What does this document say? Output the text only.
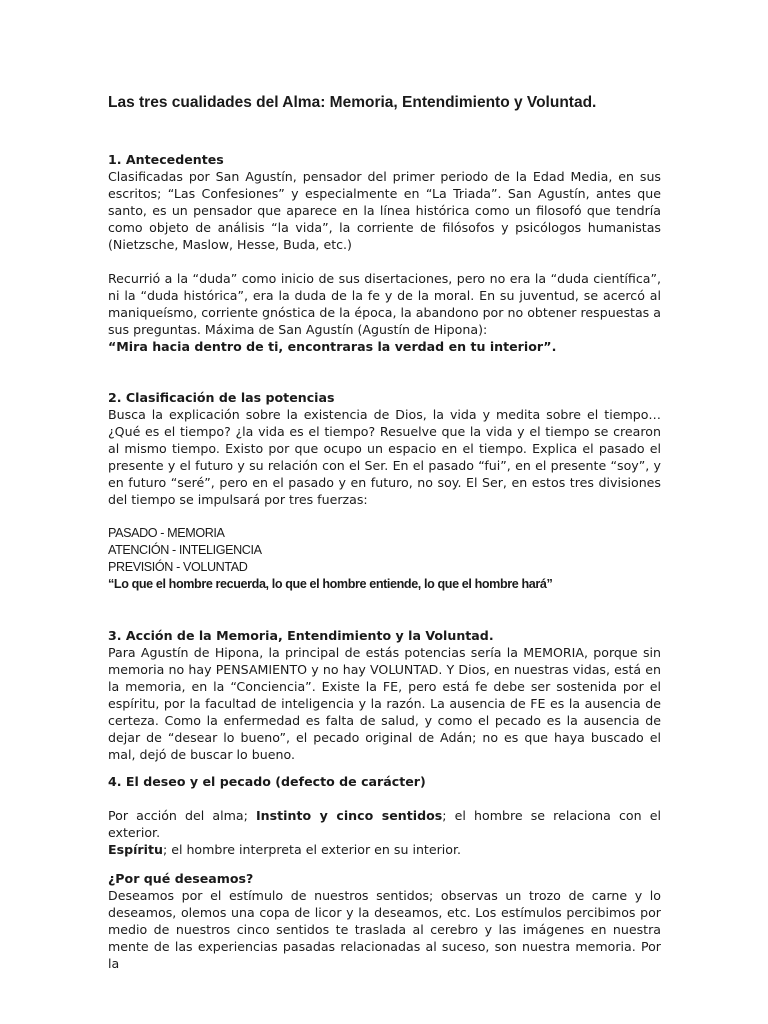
Las tres cualidades del Alma: Memoria, Entendimiento y Voluntad.
1. Antecedentes

Clasificadas por San Agustín, pensador del primer periodo de la Edad Media, en sus escritos; “Las Confesiones” y especialmente en “La Triada”. San Agustín, antes que santo, es un pensador que aparece en la línea histórica como un filosofó que tendría como objeto de análisis “la vida”, la corriente de filósofos y psicólogos humanistas (Nietzsche, Maslow, Hesse, Buda, etc.)

Recurrió a la “duda” como inicio de sus disertaciones, pero no era la “duda científica”, ni la “duda histórica”, era la duda de la fe y de la moral. En su juventud, se acercó al maniqueísmo, corriente gnóstica de la época, la abandono por no obtener respuestas a sus preguntas. Máxima de San Agustín (Agustín de Hipona):

“Mira hacia dentro de ti, encontraras la verdad en tu interior”.

2. Clasificación de las potencias

Busca la explicación sobre la existencia de Dios, la vida y medita sobre el tiempo… ¿Qué es el tiempo? ¿la vida es el tiempo? Resuelve que la vida y el tiempo se crearon al mismo tiempo. Existo por que ocupo un espacio en el tiempo. Explica el pasado el presente y el futuro y su relación con el Ser. En el pasado “fui”, en el presente “soy”, y en futuro “seré”, pero en el pasado y en futuro, no soy. El Ser, en estos tres divisiones del tiempo se impulsará por tres fuerzas:

PASADO - MEMORIA
ATENCIÓN - INTELIGENCIA
PREVISIÓN - VOLUNTAD
“Lo que el hombre recuerda, lo que el hombre entiende, lo que el hombre hará”
3. Acción de la Memoria, Entendimiento y la Voluntad.

Para Agustín de Hipona, la principal de estás potencias sería la MEMORIA, porque sin memoria no hay PENSAMIENTO y no hay VOLUNTAD. Y Dios, en nuestras vidas, está en la memoria, en la “Conciencia”. Existe la FE, pero está fe debe ser sostenida por el espíritu, por la facultad de inteligencia y la razón. La ausencia de FE es la ausencia de certeza. Como la enfermedad es falta de salud, y como el pecado es la ausencia de dejar de “desear lo bueno”, el pecado original de Adán; no es que haya buscado el mal, dejó de buscar lo bueno.

4. El deseo y el pecado (defecto de carácter)

Por acción del alma; Instinto y cinco sentidos; el hombre se relaciona con el exterior.

Espíritu; el hombre interpreta el exterior en su interior.

¿Por qué deseamos?

Deseamos por el estímulo de nuestros sentidos; observas un trozo de carne y lo deseamos, olemos una copa de licor y la deseamos, etc. Los estímulos percibimos por medio de nuestros cinco sentidos te traslada al cerebro y las imágenes en nuestra mente de las experiencias pasadas relacionadas al suceso, son nuestra memoria. Por la
